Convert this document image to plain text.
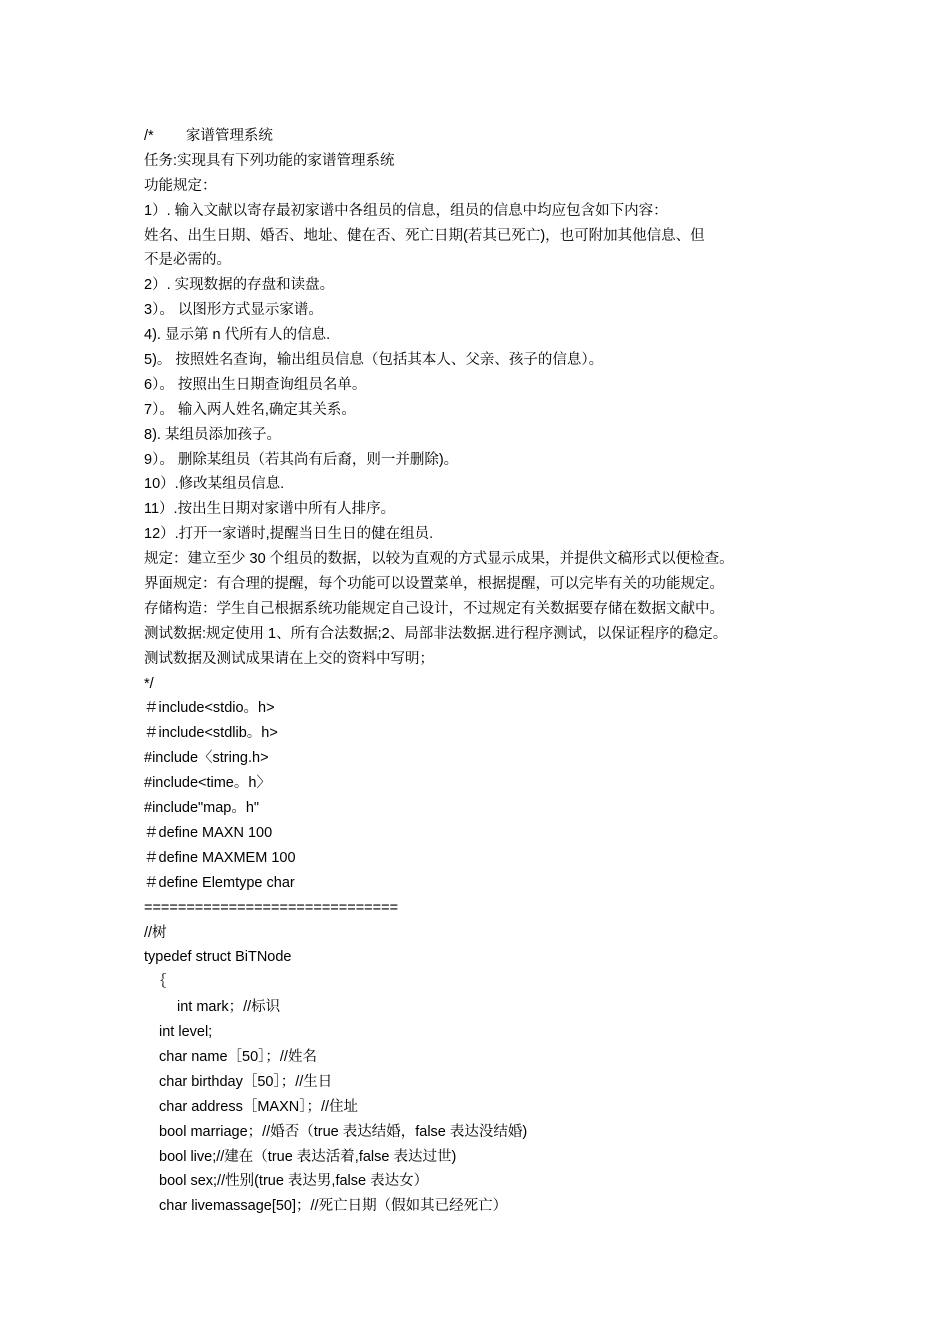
/*        家谱管理系统
任务:实现具有下列功能的家谱管理系统
功能规定：
1）. 输入文献以寄存最初家谱中各组员的信息，组员的信息中均应包含如下内容：
姓名、出生日期、婚否、地址、健在否、死亡日期(若其已死亡)，也可附加其他信息、但
不是必需的。
2）. 实现数据的存盘和读盘。
3）。 以图形方式显示家谱。
4). 显示第 n 代所有人的信息.
5)。 按照姓名查询，输出组员信息（包括其本人、父亲、孩子的信息）。
6）。 按照出生日期查询组员名单。
7）。 输入两人姓名,确定其关系。
8). 某组员添加孩子。
9）。 删除某组员（若其尚有后裔，则一并删除)。
10）.修改某组员信息.
11）.按出生日期对家谱中所有人排序。
12）.打开一家谱时,提醒当日生日的健在组员.
规定：建立至少 30 个组员的数据，以较为直观的方式显示成果，并提供文稿形式以便检查。
界面规定：有合理的提醒，每个功能可以设置菜单，根据提醒，可以完毕有关的功能规定。
存储构造：学生自己根据系统功能规定自己设计，不过规定有关数据要存储在数据文献中。
测试数据:规定使用 1、所有合法数据;2、局部非法数据.进行程序测试，以保证程序的稳定。
测试数据及测试成果请在上交的资料中写明；
*/
＃include<stdio。h>
＃include<stdlib。h>
#include〈string.h>
#include<time。h〉
#include"map。h"
＃define MAXN 100
＃define MAXMEM 100
＃define Elemtype char
==============================
//树
typedef struct BiTNode
｛
int mark；//标识
int level;
char name［50］；//姓名
char birthday［50］；//生日
char address［MAXN］；//住址
bool marriage；//婚否（true 表达结婚，false 表达没结婚)
bool live;//建在（true 表达活着,false 表达过世)
bool sex;//性别(true 表达男,false 表达女）
char livemassage[50]；//死亡日期（假如其已经死亡）
